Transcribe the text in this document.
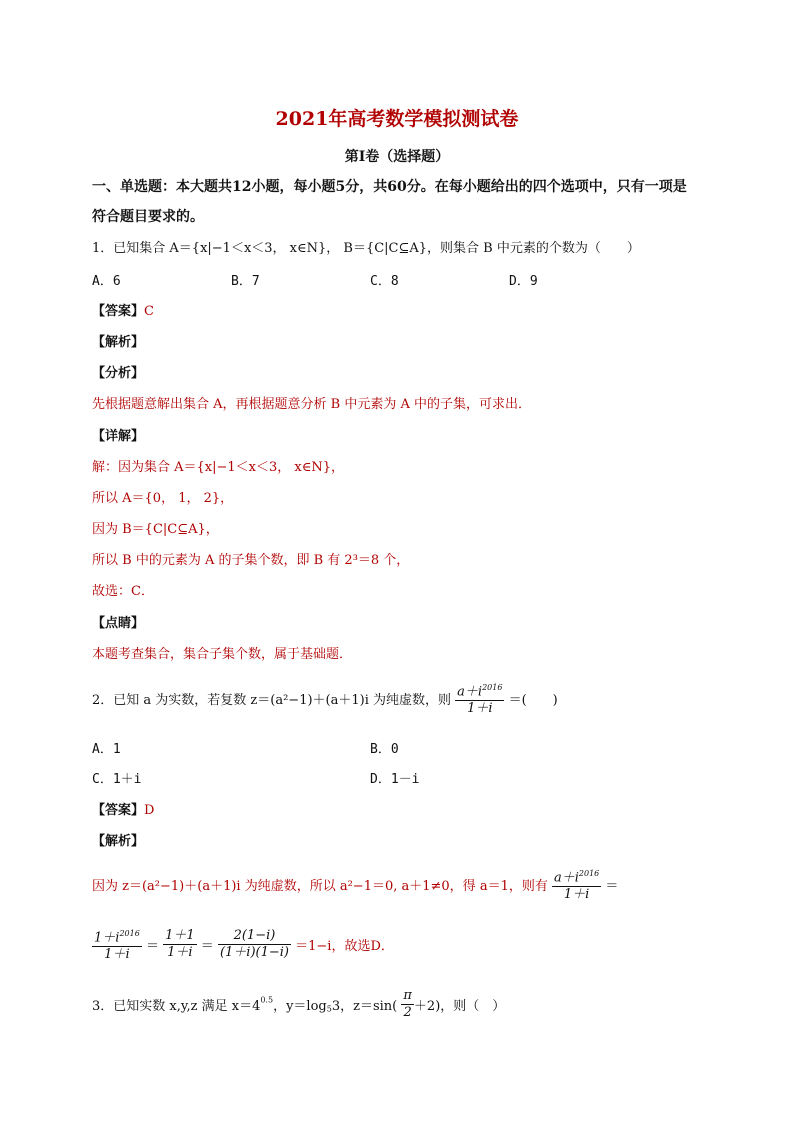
2021年高考数学模拟测试卷
第Ⅰ卷（选择题）
一、单选题：本大题共12小题，每小题5分，共60分。在每小题给出的四个选项中，只有一项是
符合题目要求的。
1．已知集合 A＝{x|−1＜x＜3， x∈N}， B＝{C|C⊆A}，则集合 B 中元素的个数为（　　）
A．6	B．7	C．8	D．9
【答案】C
【解析】
【分析】
先根据题意解出集合 A，再根据题意分析 B 中元素为 A 中的子集，可求出．
【详解】
解：因为集合 A＝{x|−1＜x＜3， x∈N}，
所以 A＝{0， 1， 2}，
因为 B＝{C|C⊆A}，
所以 B 中的元素为 A 的子集个数，即 B 有 2³＝8 个，
故选：C．
【点睛】
本题考查集合，集合子集个数，属于基础题．
2．已知 a 为实数，若复数 z＝(a²−1)＋(a＋1)i 为纯虚数，则 $\frac{a+i^{2016}}{1+i}$ ＝(　　)
A．1	B．0
C．1＋i	D．1－i
【答案】D
【解析】
因为 z＝(a²−1)＋(a＋1)i 为纯虚数，所以 a²−1＝0, a＋1≠0，得 a＝1，则有 $\frac{a+i^{2016}}{1+i}$ ＝
$\frac{1+i^{2016}}{1+i} = \frac{1+1}{1+i} = \frac{2(1-i)}{(1+i)(1-i)} =1-i$，故选D．
3．已知实数 x,y,z 满足 $x=4^{0.5}$，$y=\log_53$，$z=\sin( \frac{\pi}{2} +2)$，则（　）
